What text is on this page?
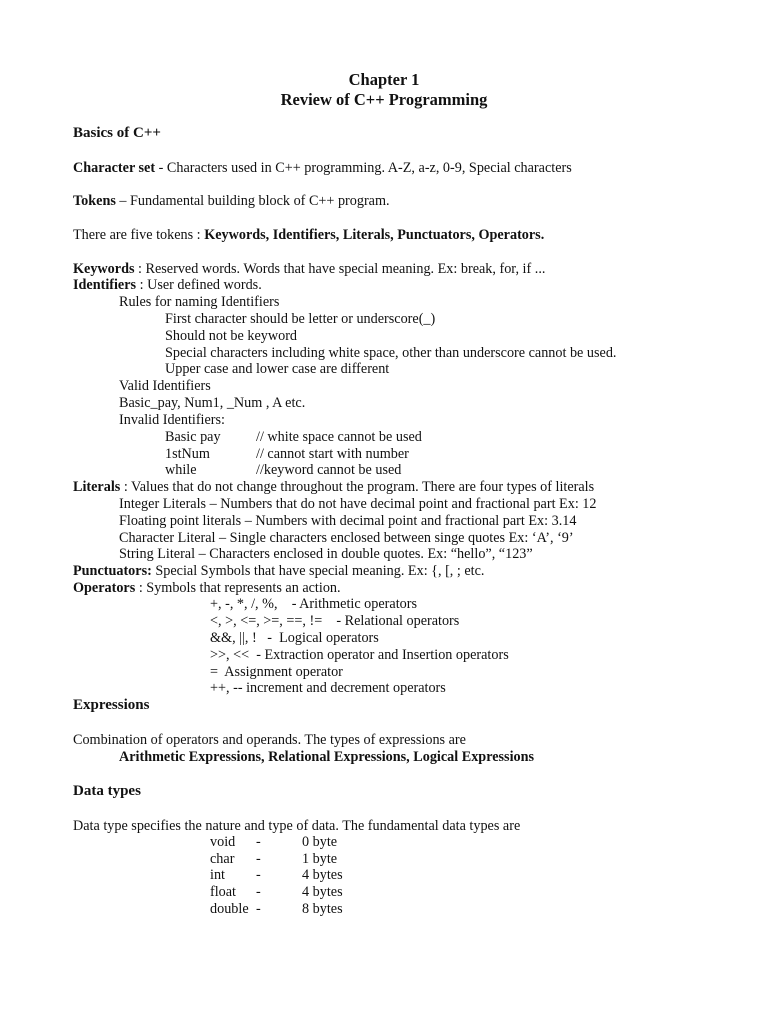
Chapter 1
Review of C++ Programming
Basics of C++
Character set - Characters used in C++ programming. A-Z, a-z, 0-9, Special characters
Tokens – Fundamental building block of C++ program.
There are five tokens : Keywords, Identifiers, Literals, Punctuators, Operators.
Keywords : Reserved words. Words that have special meaning. Ex: break, for, if ...
Identifiers : User defined words.
Rules for naming Identifiers
First character should be letter or underscore(_)
Should not be keyword
Special characters including white space, other than underscore cannot be used.
Upper case and lower case are different
Valid Identifiers
Basic_pay, Num1, _Num , A etc.
Invalid Identifiers:
Basic pay // white space cannot be used
1stNum	// cannot start with number
while	//keyword cannot be used
Literals : Values that do not change throughout the program. There are four types of literals
Integer Literals – Numbers that do not have decimal point and fractional part Ex: 12
Floating point literals – Numbers with decimal point and fractional part Ex: 3.14
Character Literal – Single characters enclosed between singe quotes Ex: ‘A’, ‘9’
String Literal – Characters enclosed in double quotes. Ex: “hello”, “123”
Punctuators: Special Symbols that have special meaning. Ex: {, [, ; etc.
Operators : Symbols that represents an action.
+, -, *, /, %,    - Arithmetic operators
<, >, <=, >=, ==, !=    - Relational operators
&&, ||, !   -  Logical operators
>>, <<  - Extraction operator and Insertion operators
=  Assignment operator
++, -- increment and decrement operators
Expressions
Combination of operators and operands. The types of expressions are
Arithmetic Expressions, Relational Expressions, Logical Expressions
Data types
Data type specifies the nature and type of data. The fundamental data types are
void -	0 byte
char -	1 byte
int -	4 bytes
float -	4 bytes
double -	8 bytes
